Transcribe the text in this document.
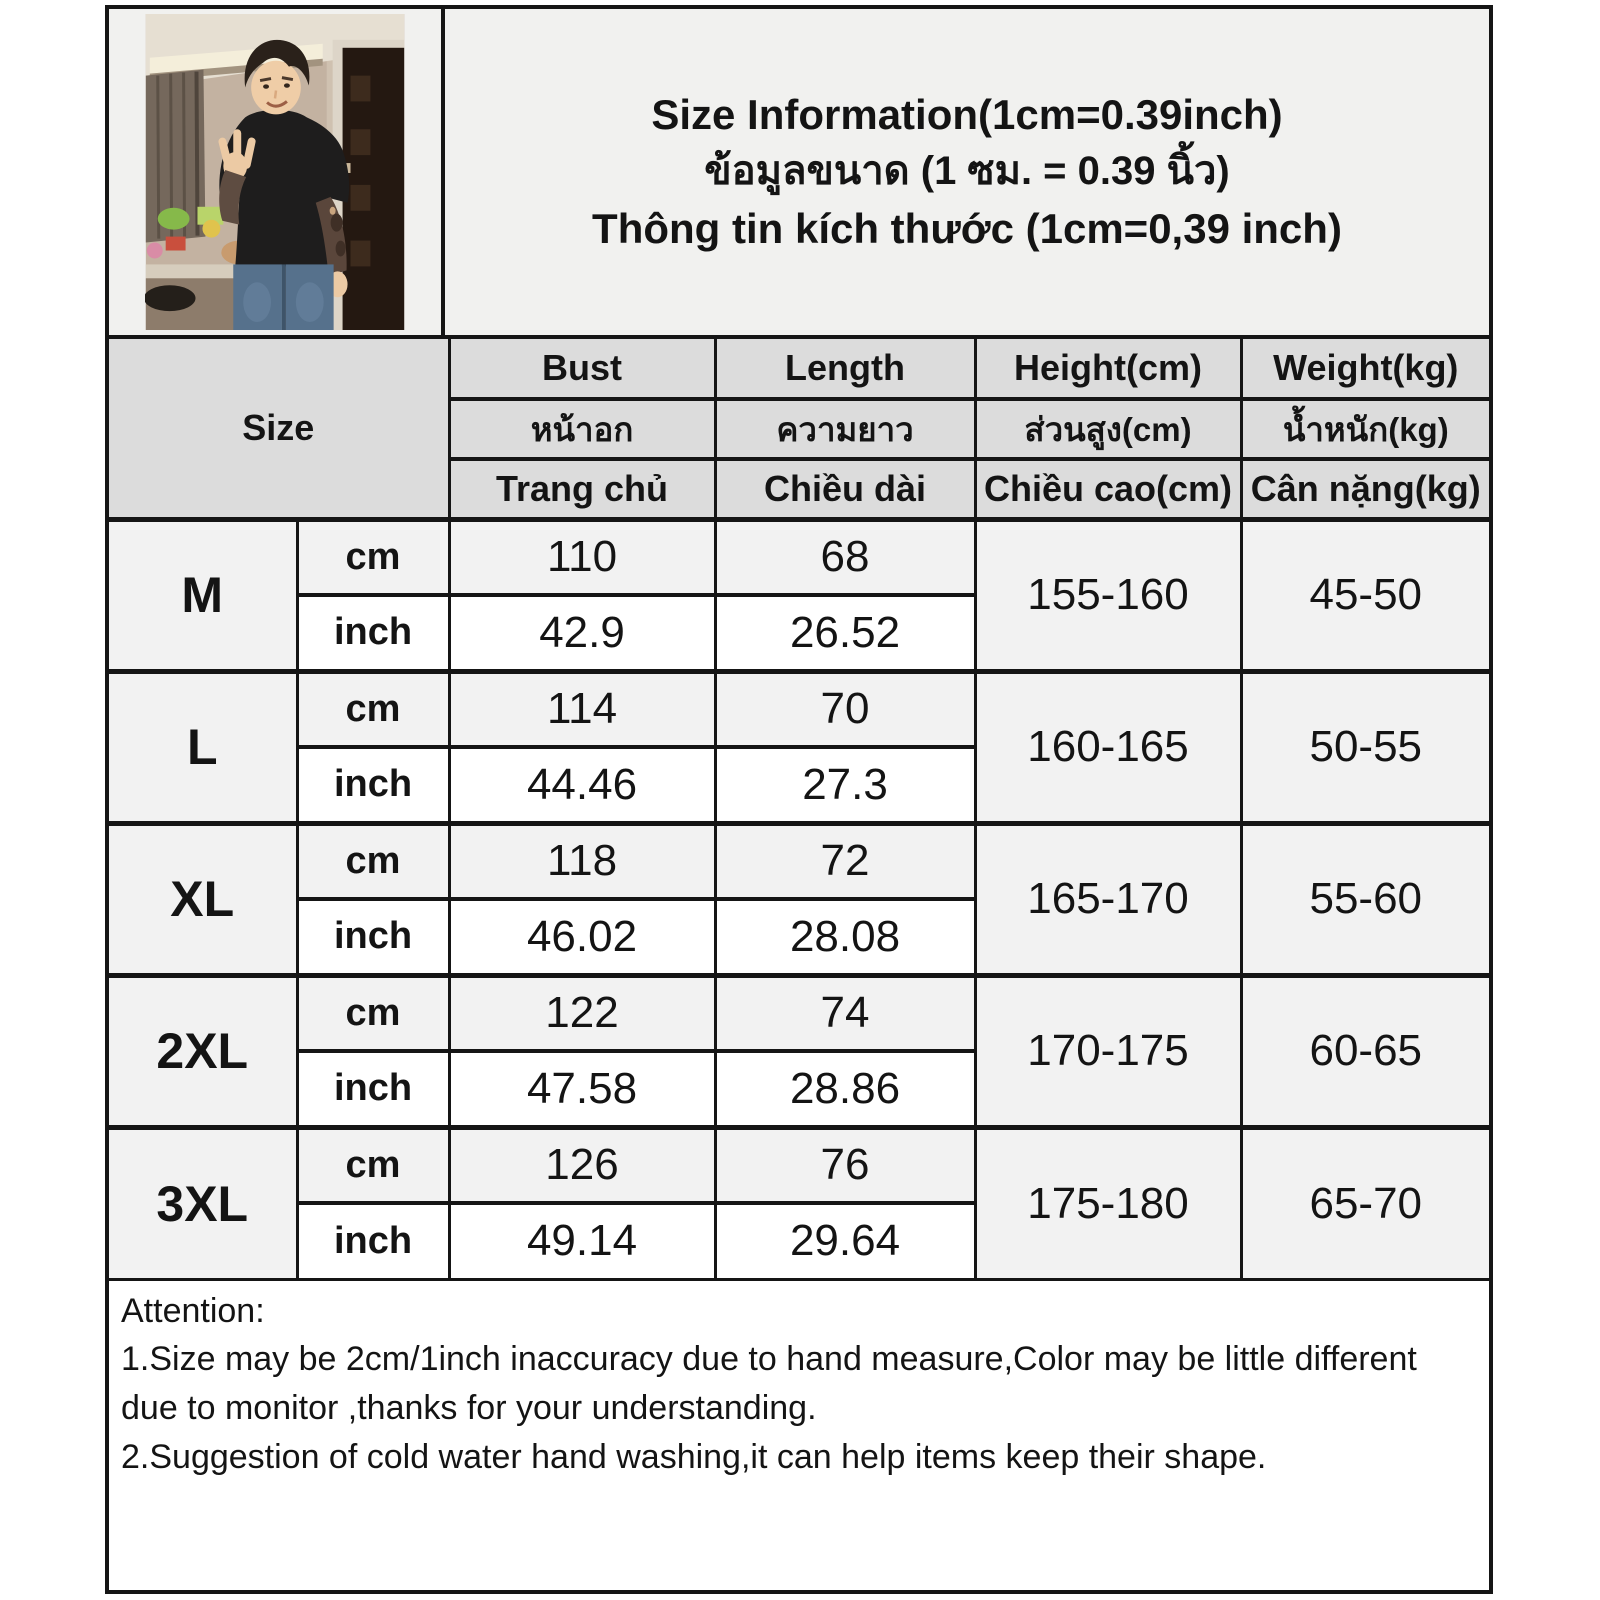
Size Information(1cm=0.39inch)
ข้อมูลขนาด (1 ซม. = 0.39 นิ้ว)
Thông tin kích thước (1cm=0,39 inch)
Size		Bust	Length	Height(cm)	Weight(kg)
		หน้าอก	ความยาว	ส่วนสูง(cm)	น้ำหนัก(kg)
		Trang chủ	Chiều dài	Chiều cao(cm)	Cân nặng(kg)
M	cm	110	68	155-160	45-50
	inch	42.9	26.52		
L	cm	114	70	160-165	50-55
	inch	44.46	27.3		
XL	cm	118	72	165-170	55-60
	inch	46.02	28.08		
2XL	cm	122	74	170-175	60-65
	inch	47.58	28.86		
3XL	cm	126	76	175-180	65-70
	inch	49.14	29.64		
Attention:
1.Size may be 2cm/1inch inaccuracy due to hand measure,Color may be little different due to monitor ,thanks for your understanding.
2.Suggestion of cold water hand washing,it can help items keep their shape.
